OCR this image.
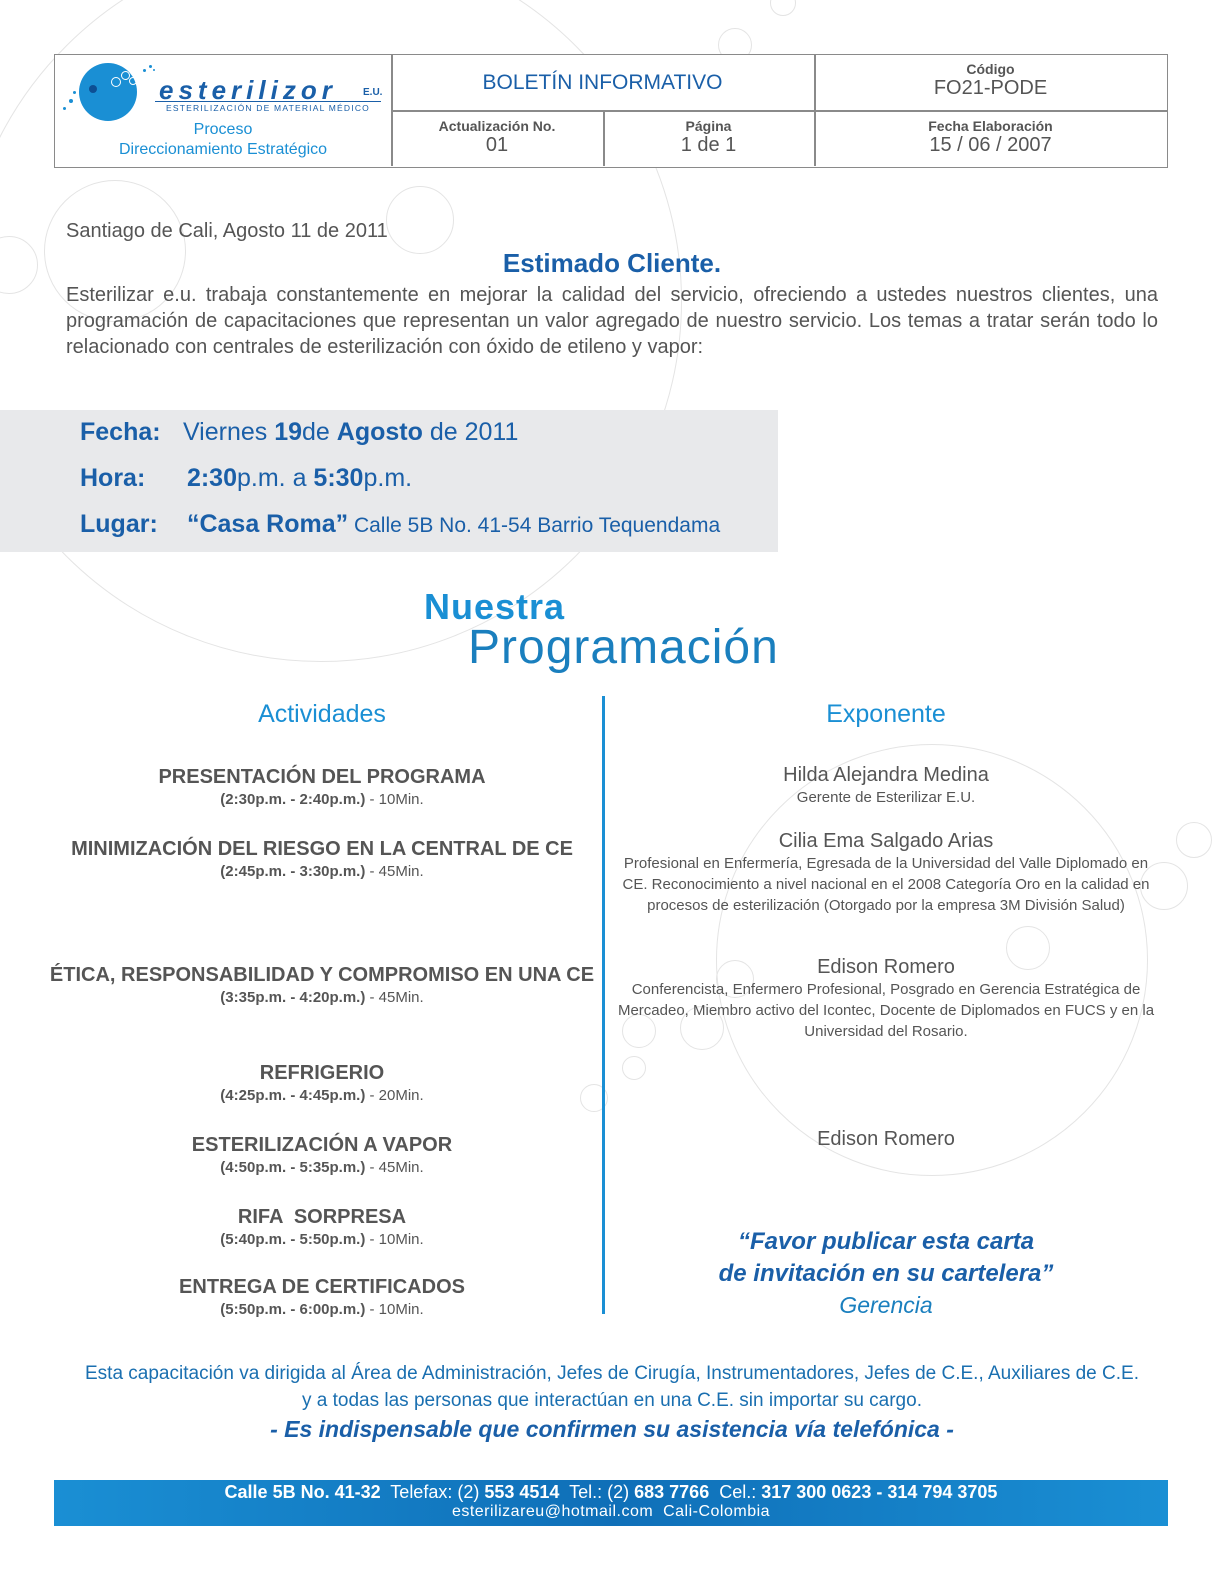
esterilizor	E.U.
ESTERILIZACIÓN DE MATERIAL MÉDICO
Proceso
Direccionamiento Estratégico
BOLETÍN INFORMATIVO
Código
FO21-PODE
Actualización No.
01
Página
1 de 1
Fecha Elaboración
15 / 06 / 2007
Santiago de Cali, Agosto 11 de 2011
Estimado Cliente.
Esterilizar e.u. trabaja constantemente en mejorar la calidad del servicio, ofreciendo a ustedes nuestros clientes, una programación de capacitaciones que representan un valor agregado de nuestro servicio. Los temas a tratar serán todo lo relacionado con centrales de esterilización con óxido de etileno y vapor:
Fecha: Viernes 19de Agosto de 2011
Hora: 2:30p.m. a 5:30p.m.
Lugar: “Casa Roma” Calle 5B No. 41-54 Barrio Tequendama
Nuestra
Programación
Actividades	Exponente
PRESENTACIÓN DEL PROGRAMA
(2:30p.m. - 2:40p.m.) - 10Min.
MINIMIZACIÓN DEL RIESGO EN LA CENTRAL DE CE
(2:45p.m. - 3:30p.m.) - 45Min.
ÉTICA, RESPONSABILIDAD Y COMPROMISO EN UNA CE
(3:35p.m. - 4:20p.m.) - 45Min.
REFRIGERIO
(4:25p.m. - 4:45p.m.) - 20Min.
ESTERILIZACIÓN A VAPOR
(4:50p.m. - 5:35p.m.) - 45Min.
RIFA  SORPRESA
(5:40p.m. - 5:50p.m.) - 10Min.
ENTREGA DE CERTIFICADOS
(5:50p.m. - 6:00p.m.) - 10Min.
Hilda Alejandra Medina
Gerente de Esterilizar E.U.
Cilia Ema Salgado Arias
Profesional en Enfermería, Egresada de la Universidad del Valle Diplomado en CE. Reconocimiento a nivel nacional en el 2008 Categoría Oro en la calidad en procesos de esterilización (Otorgado por la empresa 3M División Salud)
Edison Romero
Conferencista, Enfermero Profesional, Posgrado en Gerencia Estratégica de Mercadeo, Miembro activo del Icontec, Docente de Diplomados en FUCS y en la Universidad del Rosario.
Edison Romero
“Favor publicar esta carta
de invitación en su cartelera”
Gerencia
Esta capacitación va dirigida al Área de Administración, Jefes de Cirugía, Instrumentadores, Jefes de C.E., Auxiliares de C.E.
y a todas las personas que interactúan en una C.E. sin importar su cargo.
- Es indispensable que confirmen su asistencia vía telefónica -
Calle 5B No. 41-32  Telefax: (2) 553 4514  Tel.: (2) 683 7766  Cel.: 317 300 0623 - 314 794 3705
esterilizareu@hotmail.com  Cali-Colombia
